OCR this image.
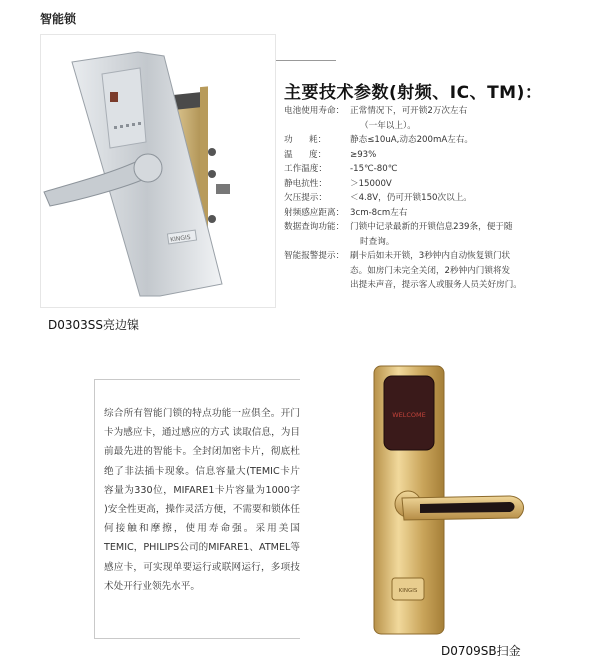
智能锁
KINGIS
D0303SS亮边镍
主要技术参数(射频、IC、TM)：
电池使用寿命： 正常情况下，可开锁2万次左右
（一年以上）。
功      耗：	静态≤10uA,动态200mA左右。
温      度：	≥93%
工作温度：	-15℃-80℃
静电抗性：	＞15000V
欠压提示：	＜4.8V，仍可开锁150次以上。
射频感应距离： 3cm-8cm左右
数据查询功能： 门锁中记录最新的开锁信息239条，便于随
时查询。
智能报警提示： 刷卡后如未开锁，3秒钟内自动恢复锁门状
态。如房门未完全关闭，2秒钟内门锁将发
出提未声音，提示客人或服务人员关好房门。
综合所有智能门锁的特点功能一应俱全。开门卡为感应卡，通过感应的方式 读取信息，为目前最先进的智能卡。全封闭加密卡片，彻底杜绝了非法插卡现象。信息容量大(TEMIC卡片容量为330位，MIFARE1卡片容量为1000字 )安全性更高，操作灵活方便，不需要和锁体任何接触和摩擦，使用寿命强。采用美国TEMIC，PHILIPS公司的MIFARE1、ATMEL等感应卡，可实现单要运行或联网运行，多项技术处开行业领先水平。
WELCOME
KINGIS
D0709SB扫金
